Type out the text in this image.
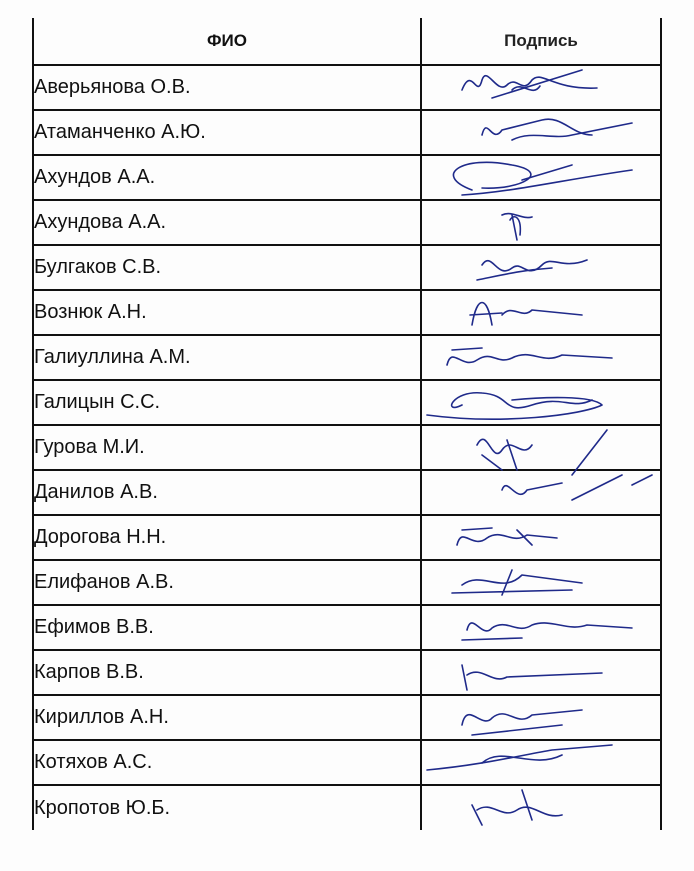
ФИО	Подпись
Аверьянова О.В.	

Атаманченко А.Ю.	

Ахундов А.А.	

Ахундова А.А.	

Булгаков С.В.	

Вознюк А.Н.	

Галиуллина А.М.	

Галицын С.С.	

Гурова М.И.	

Данилов А.В.	

Дорогова Н.Н.	

Елифанов А.В.	

Ефимов В.В.	

Карпов В.В.	

Кириллов А.Н.	

Котяхов А.С.	

Кропотов Ю.Б.	
